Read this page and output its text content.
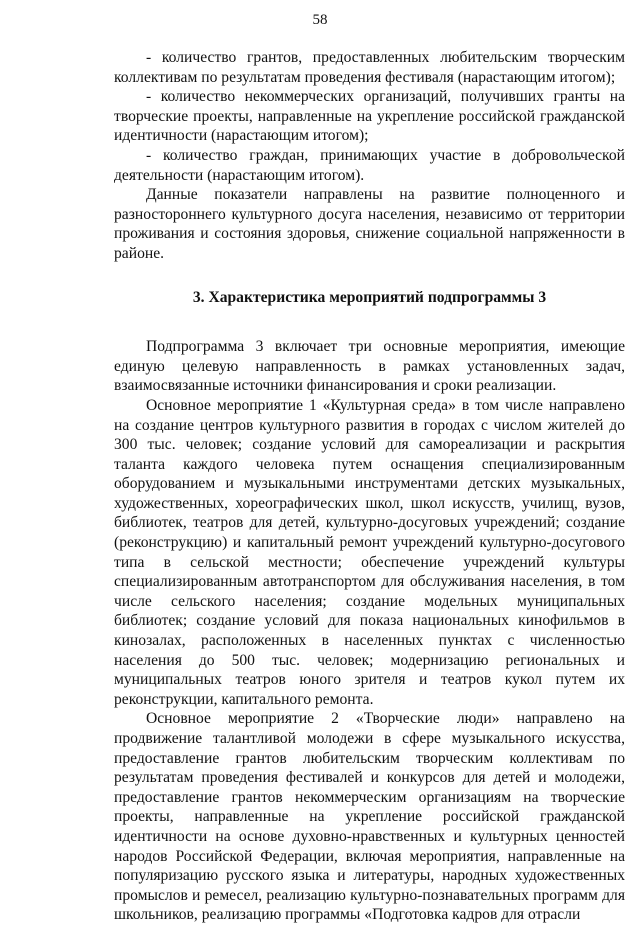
58

- количество грантов, предоставленных любительским творческим коллективам по результатам проведения фестиваля (нарастающим итогом);

- количество некоммерческих организаций, получивших гранты на творческие проекты, направленные на укрепление российской гражданской идентичности (нарастающим итогом);

- количество граждан, принимающих участие в добровольческой деятельности (нарастающим итогом).

Данные показатели направлены на развитие полноценного и разностороннего культурного досуга населения, независимо от территории проживания и состояния здоровья, снижение социальной напряженности в районе.

3. Характеристика мероприятий подпрограммы 3

Подпрограмма 3 включает три основные мероприятия, имеющие единую целевую направленность в рамках установленных задач, взаимосвязанные источники финансирования и сроки реализации.

Основное мероприятие 1 «Культурная среда» в том числе направлено на создание центров культурного развития в городах с числом жителей до 300 тыс. человек; создание условий для самореализации и раскрытия таланта каждого человека путем оснащения специализированным оборудованием и музыкальными инструментами детских музыкальных, художественных, хореографических школ, школ искусств, училищ, вузов, библиотек, театров для детей, культурно-досуговых учреждений; создание (реконструкцию) и капитальный ремонт учреждений культурно-досугового типа в сельской местности; обеспечение учреждений культуры специализированным автотранспортом для обслуживания населения, в том числе сельского населения; создание модельных муниципальных библиотек; создание условий для показа национальных кинофильмов в кинозалах, расположенных в населенных пунктах с численностью населения до 500 тыс. человек; модернизацию региональных и муниципальных театров юного зрителя и театров кукол путем их реконструкции, капитального ремонта.

Основное мероприятие 2 «Творческие люди» направлено на продвижение талантливой молодежи в сфере музыкального искусства, предоставление грантов любительским творческим коллективам по результатам проведения фестивалей и конкурсов для детей и молодежи, предоставление грантов некоммерческим организациям на творческие проекты, направленные на укрепление российской гражданской идентичности на основе духовно-нравственных и культурных ценностей народов Российской Федерации, включая мероприятия, направленные на популяризацию русского языка и литературы, народных художественных промыслов и ремесел, реализацию культурно-познавательных программ для школьников, реализацию программы «Подготовка кадров для отрасли
